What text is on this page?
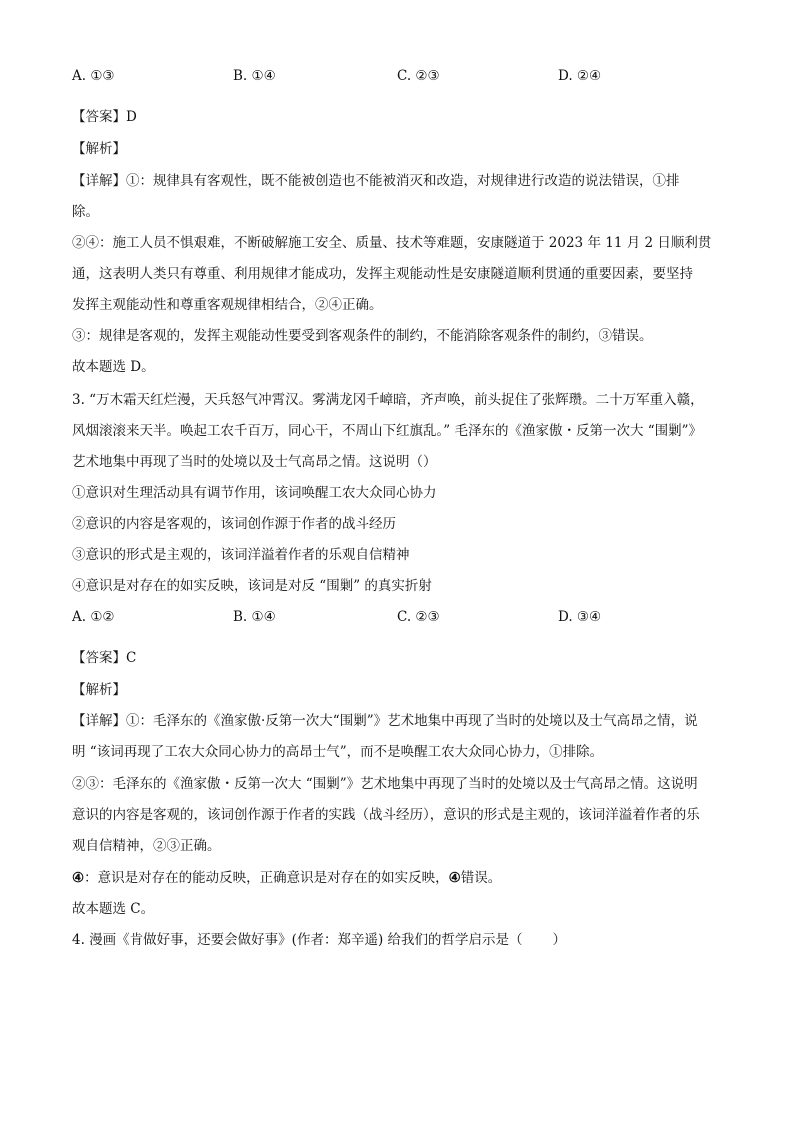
A. ①③	B. ①④	C. ②③	D. ②④
【答案】D
【解析】
【详解】①：规律具有客观性，既不能被创造也不能被消灭和改造，对规律进行改造的说法错误，①排
除。
②④：施工人员不惧艰难，不断破解施工安全、质量、技术等难题，安康隧道于 2023 年 11 月 2 日顺利贯
通，这表明人类只有尊重、利用规律才能成功，发挥主观能动性是安康隧道顺利贯通的重要因素，要坚持
发挥主观能动性和尊重客观规律相结合，②④正确。
③：规律是客观的，发挥主观能动性要受到客观条件的制约，不能消除客观条件的制约，③错误。
故本题选 D。
3. “万木霜天红烂漫，天兵怒气冲霄汉。雾满龙冈千嶂暗，齐声唤，前头捉住了张辉瓒。二十万军重入赣，
风烟滚滚来天半。唤起工农千百万，同心干，不周山下红旗乱。” 毛泽东的《渔家傲・反第一次大 “围剿”》
艺术地集中再现了当时的处境以及士气高昂之情。这说明（）
①意识对生理活动具有调节作用，该词唤醒工农大众同心协力
②意识的内容是客观的，该词创作源于作者的战斗经历
③意识的形式是主观的，该词洋溢着作者的乐观自信精神
④意识是对存在的如实反映，该词是对反 “围剿” 的真实折射
A. ①②	B. ①④	C. ②③	D. ③④
【答案】C
【解析】
【详解】①：毛泽东的《渔家傲·反第一次大“围剿”》艺术地集中再现了当时的处境以及士气高昂之情，说
明 “该词再现了工农大众同心协力的高昂士气”，而不是唤醒工农大众同心协力，①排除。
②③：毛泽东的《渔家傲・反第一次大 “围剿”》艺术地集中再现了当时的处境以及士气高昂之情。这说明
意识的内容是客观的，该词创作源于作者的实践（战斗经历），意识的形式是主观的，该词洋溢着作者的乐
观自信精神，②③正确。
④：意识是对存在的能动反映，正确意识是对存在的如实反映，④错误。
故本题选 C。
4. 漫画《肯做好事，还要会做好事》(作者：郑辛遥) 给我们的哲学启示是（ ）
